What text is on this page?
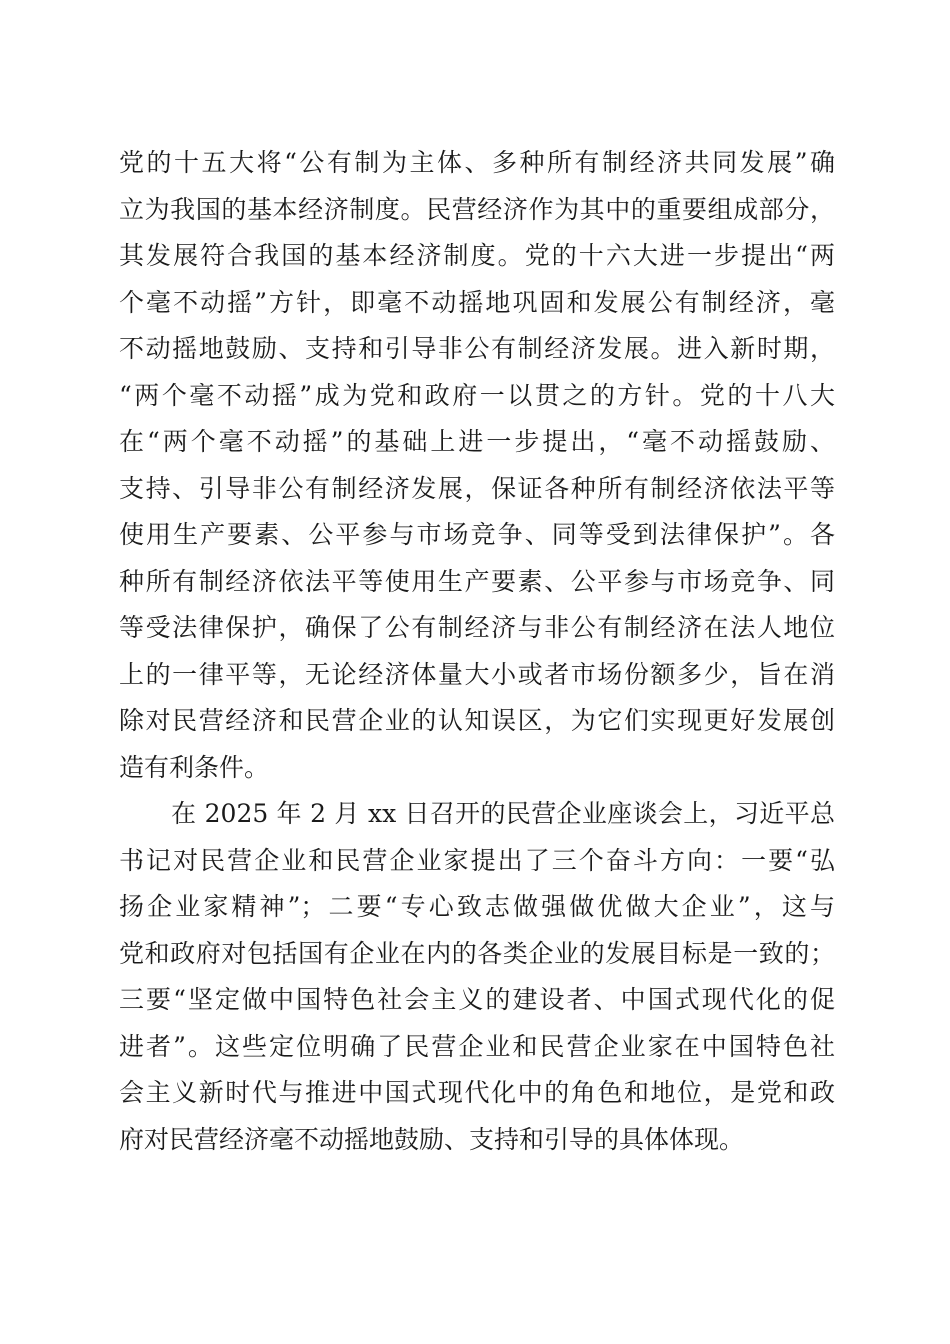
党的十五大将“公有制为主体、多种所有制经济共同发展”确
立为我国的基本经济制度。民营经济作为其中的重要组成部分，
其发展符合我国的基本经济制度。党的十六大进一步提出“两
个毫不动摇”方针，即毫不动摇地巩固和发展公有制经济，毫
不动摇地鼓励、支持和引导非公有制经济发展。进入新时期，
“两个毫不动摇”成为党和政府一以贯之的方针。党的十八大
在“两个毫不动摇”的基础上进一步提出，“毫不动摇鼓励、
支持、引导非公有制经济发展，保证各种所有制经济依法平等
使用生产要素、公平参与市场竞争、同等受到法律保护”。各
种所有制经济依法平等使用生产要素、公平参与市场竞争、同
等受法律保护，确保了公有制经济与非公有制经济在法人地位
上的一律平等，无论经济体量大小或者市场份额多少，旨在消
除对民营经济和民营企业的认知误区，为它们实现更好发展创
造有利条件。
在 2025 年 2 月 xx 日召开的民营企业座谈会上，习近平总
书记对民营企业和民营企业家提出了三个奋斗方向：一要“弘
扬企业家精神”；二要“专心致志做强做优做大企业”，这与
党和政府对包括国有企业在内的各类企业的发展目标是一致的；
三要“坚定做中国特色社会主义的建设者、中国式现代化的促
进者”。这些定位明确了民营企业和民营企业家在中国特色社
会主义新时代与推进中国式现代化中的角色和地位，是党和政
府对民营经济毫不动摇地鼓励、支持和引导的具体体现。
